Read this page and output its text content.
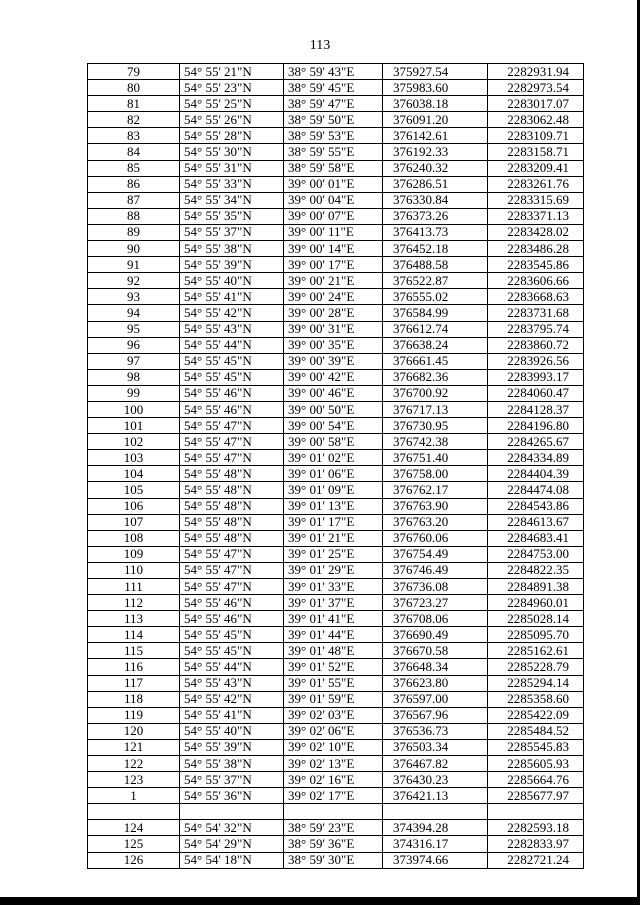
113
79	54° 55' 21"N	38° 59' 43"E	375927.54	2282931.94
80	54° 55' 23"N	38° 59' 45"E	375983.60	2282973.54
81	54° 55' 25"N	38° 59' 47"E	376038.18	2283017.07
82	54° 55' 26"N	38° 59' 50"E	376091.20	2283062.48
83	54° 55' 28"N	38° 59' 53"E	376142.61	2283109.71
84	54° 55' 30"N	38° 59' 55"E	376192.33	2283158.71
85	54° 55' 31"N	38° 59' 58"E	376240.32	2283209.41
86	54° 55' 33"N	39° 00' 01"E	376286.51	2283261.76
87	54° 55' 34"N	39° 00' 04"E	376330.84	2283315.69
88	54° 55' 35"N	39° 00' 07"E	376373.26	2283371.13
89	54° 55' 37"N	39° 00' 11"E	376413.73	2283428.02
90	54° 55' 38"N	39° 00' 14"E	376452.18	2283486.28
91	54° 55' 39"N	39° 00' 17"E	376488.58	2283545.86
92	54° 55' 40"N	39° 00' 21"E	376522.87	2283606.66
93	54° 55' 41"N	39° 00' 24"E	376555.02	2283668.63
94	54° 55' 42"N	39° 00' 28"E	376584.99	2283731.68
95	54° 55' 43"N	39° 00' 31"E	376612.74	2283795.74
96	54° 55' 44"N	39° 00' 35"E	376638.24	2283860.72
97	54° 55' 45"N	39° 00' 39"E	376661.45	2283926.56
98	54° 55' 45"N	39° 00' 42"E	376682.36	2283993.17
99	54° 55' 46"N	39° 00' 46"E	376700.92	2284060.47
100	54° 55' 46"N	39° 00' 50"E	376717.13	2284128.37
101	54° 55' 47"N	39° 00' 54"E	376730.95	2284196.80
102	54° 55' 47"N	39° 00' 58"E	376742.38	2284265.67
103	54° 55' 47"N	39° 01' 02"E	376751.40	2284334.89
104	54° 55' 48"N	39° 01' 06"E	376758.00	2284404.39
105	54° 55' 48"N	39° 01' 09"E	376762.17	2284474.08
106	54° 55' 48"N	39° 01' 13"E	376763.90	2284543.86
107	54° 55' 48"N	39° 01' 17"E	376763.20	2284613.67
108	54° 55' 48"N	39° 01' 21"E	376760.06	2284683.41
109	54° 55' 47"N	39° 01' 25"E	376754.49	2284753.00
110	54° 55' 47"N	39° 01' 29"E	376746.49	2284822.35
111	54° 55' 47"N	39° 01' 33"E	376736.08	2284891.38
112	54° 55' 46"N	39° 01' 37"E	376723.27	2284960.01
113	54° 55' 46"N	39° 01' 41"E	376708.06	2285028.14
114	54° 55' 45"N	39° 01' 44"E	376690.49	2285095.70
115	54° 55' 45"N	39° 01' 48"E	376670.58	2285162.61
116	54° 55' 44"N	39° 01' 52"E	376648.34	2285228.79
117	54° 55' 43"N	39° 01' 55"E	376623.80	2285294.14
118	54° 55' 42"N	39° 01' 59"E	376597.00	2285358.60
119	54° 55' 41"N	39° 02' 03"E	376567.96	2285422.09
120	54° 55' 40"N	39° 02' 06"E	376536.73	2285484.52
121	54° 55' 39"N	39° 02' 10"E	376503.34	2285545.83
122	54° 55' 38"N	39° 02' 13"E	376467.82	2285605.93
123	54° 55' 37"N	39° 02' 16"E	376430.23	2285664.76
1	54° 55' 36"N	39° 02' 17"E	376421.13	2285677.97

124	54° 54' 32"N	38° 59' 23"E	374394.28	2282593.18
125	54° 54' 29"N	38° 59' 36"E	374316.17	2282833.97
126	54° 54' 18"N	38° 59' 30"E	373974.66	2282721.24
